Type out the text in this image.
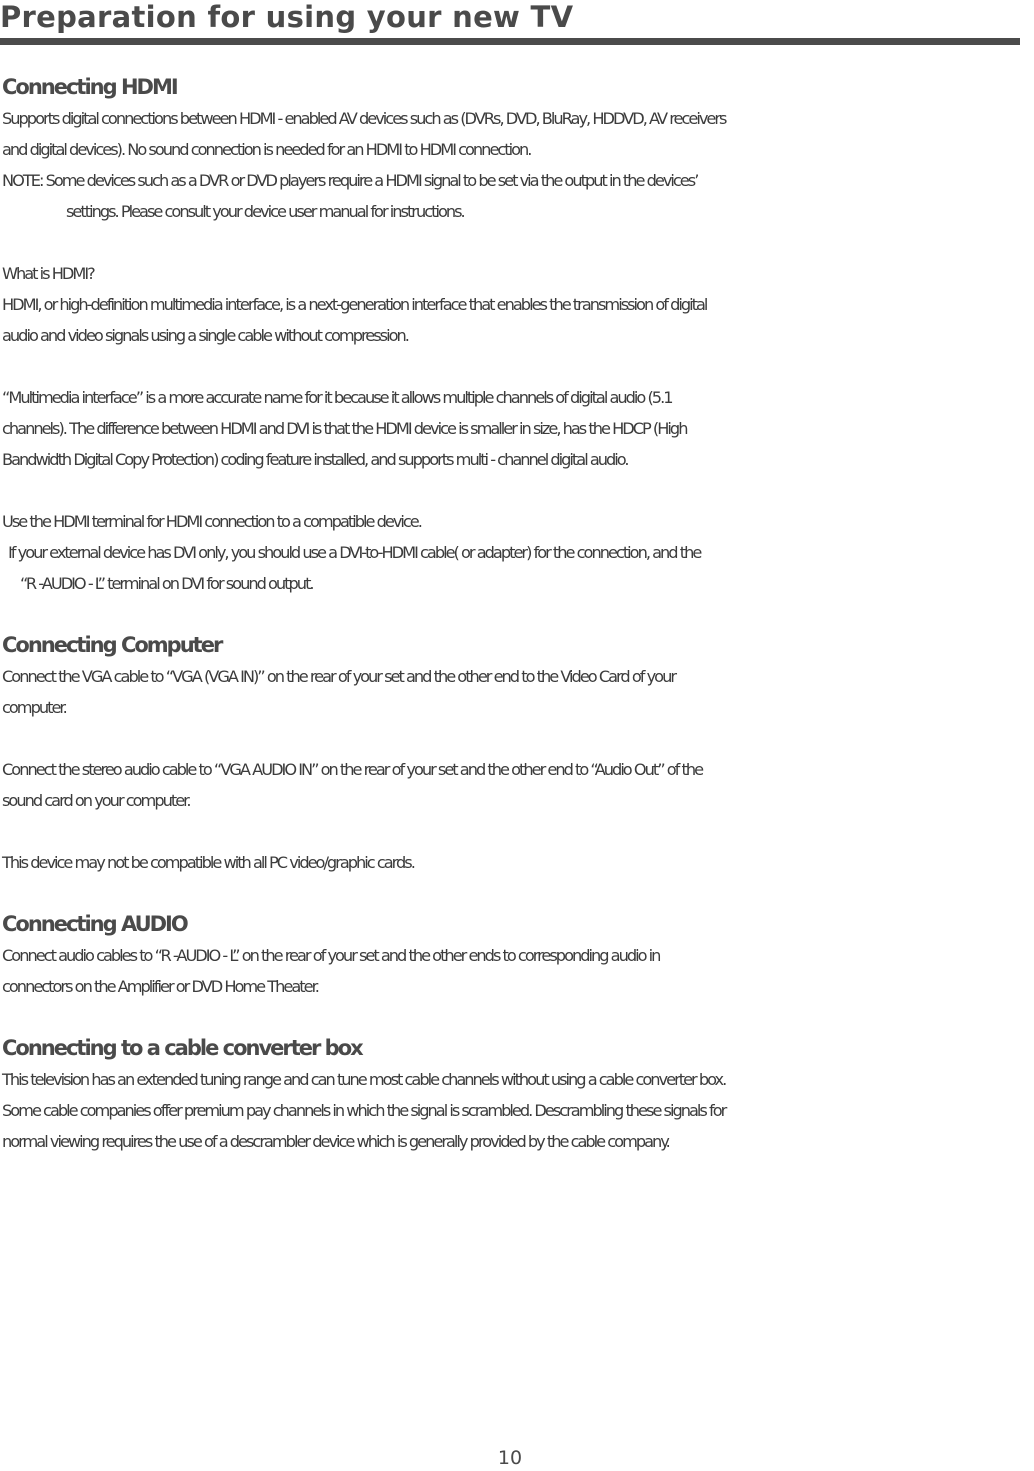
Preparation for using your new TV
Connecting HDMI

Supports digital connections between HDMI - enabled AV devices such as (DVRs, DVD, BluRay, HDDVD, AV receivers
and digital devices). No sound connection is needed for an HDMI to HDMI connection.

NOTE: Some devices such as a DVR or DVD players require a HDMI signal to be set via the output in the devices’
settings. Please consult your device user manual for instructions.

What is HDMI?
HDMI, or high-definition multimedia interface, is a next-generation interface that enables the transmission of digital
audio and video signals using a single cable without compression.

“Multimedia interface” is a more accurate name for it because it allows multiple channels of digital audio (5.1
channels). The difference between HDMI and DVI is that the HDMI device is smaller in size, has the HDCP (High
Bandwidth Digital Copy Protection) coding feature installed, and supports multi - channel digital audio.

Use the HDMI terminal for HDMI connection to a compatible device.
If your external device has DVI only, you should use a DVI-to-HDMI cable( or adapter) for the connection, and the
“R -AUDIO - L” terminal on DVI for sound output.

Connecting Computer

Connect the VGA cable to “VGA (VGA IN)” on the rear of your set and the other end to the Video Card of your
computer.

Connect the stereo audio cable to “VGA AUDIO IN” on the rear of your set and the other end to “Audio Out” of the
sound card on your computer.

This device may not be compatible with all PC video/graphic cards.

Connecting AUDIO

Connect audio cables to “R -AUDIO - L” on the rear of your set and the other ends to corresponding audio in
connectors on the Amplifier or DVD Home Theater.

Connecting to a cable converter box

This television has an extended tuning range and can tune most cable channels without using a cable converter box.
Some cable companies offer premium pay channels in which the signal is scrambled. Descrambling these signals for
normal viewing requires the use of a descrambler device which is generally provided by the cable company.

10
